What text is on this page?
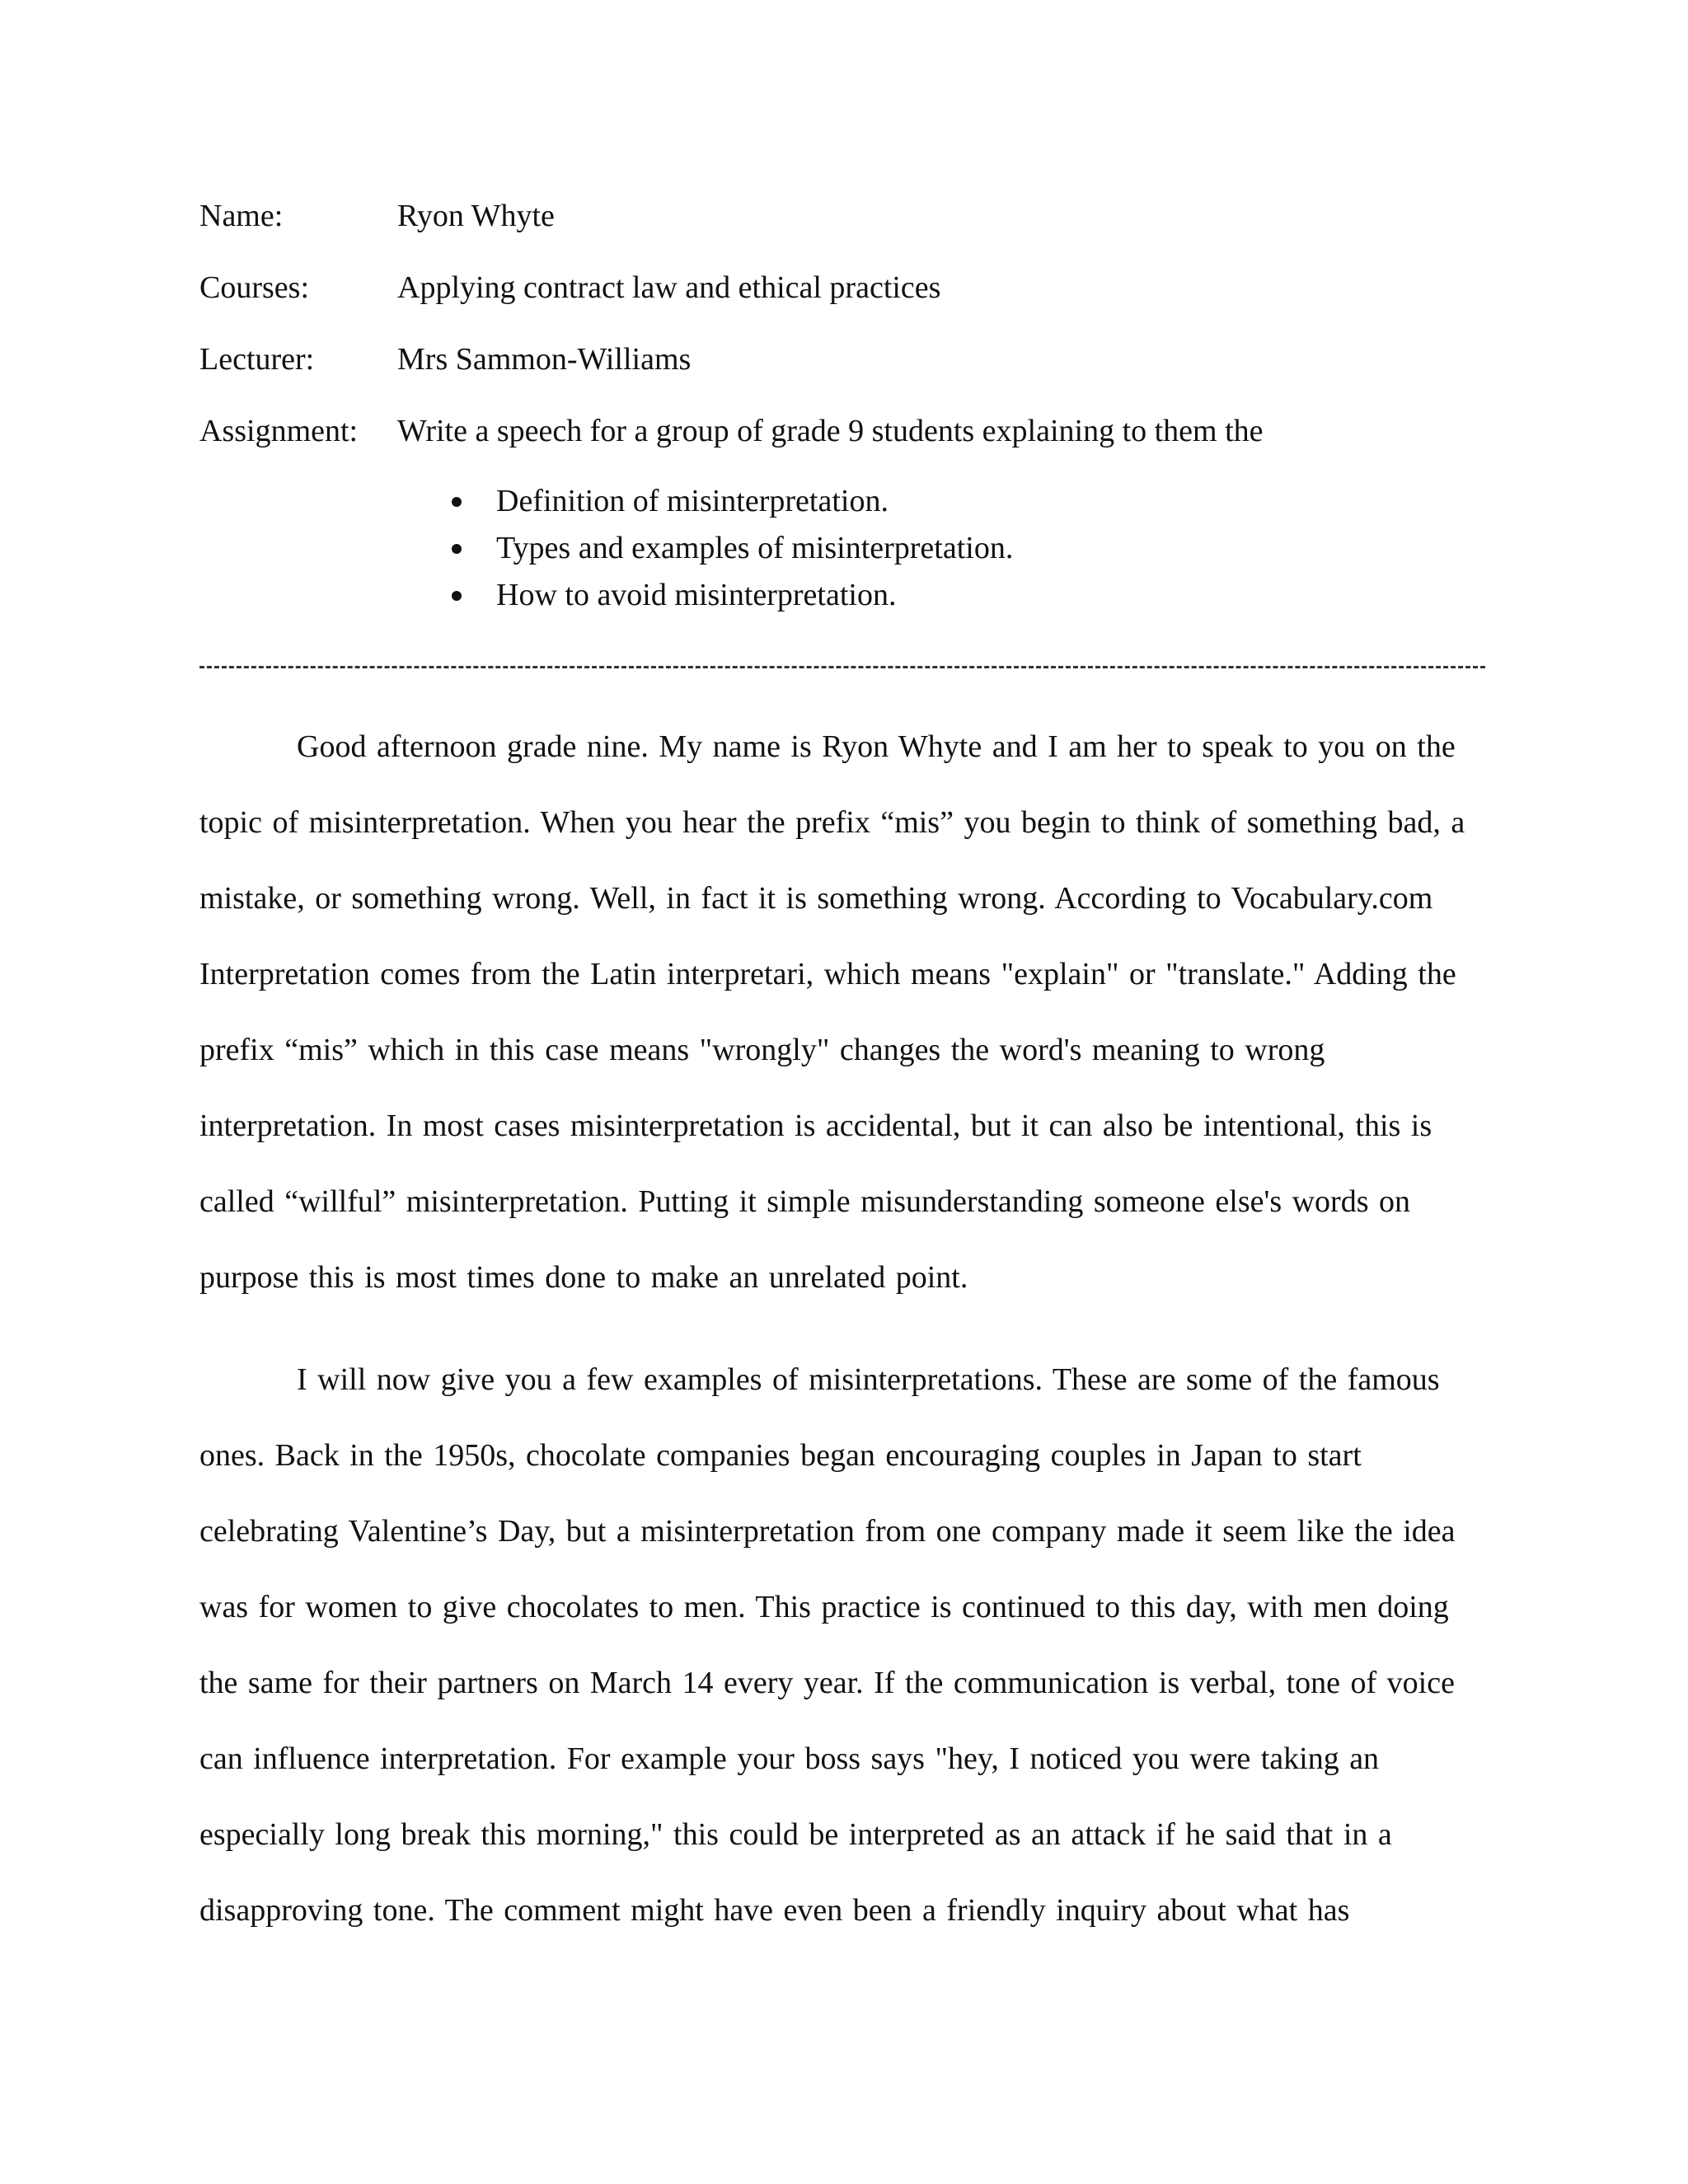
Name:	Ryon Whyte
Courses:	Applying contract law and ethical practices
Lecturer:	Mrs Sammon-Williams
Assignment: Write a speech for a group of grade 9 students explaining to them the
Definition of misinterpretation.
Types and examples of misinterpretation.
How to avoid misinterpretation.

Good afternoon grade nine. My name is Ryon Whyte and I am her to speak to you on the topic of misinterpretation. When you hear the prefix “mis” you begin to think of something bad, a mistake, or something wrong. Well, in fact it is something wrong. According to Vocabulary.com Interpretation comes from the Latin interpretari, which means "explain" or "translate." Adding the prefix “mis” which in this case means "wrongly" changes the word's meaning to wrong interpretation. In most cases misinterpretation is accidental, but it can also be intentional, this is called “willful” misinterpretation. Putting it simple misunderstanding someone else's words on purpose this is most times done to make an unrelated point.

I will now give you a few examples of misinterpretations. These are some of the famous ones. Back in the 1950s, chocolate companies began encouraging couples in Japan to start celebrating Valentine’s Day, but a misinterpretation from one company made it seem like the idea was for women to give chocolates to men. This practice is continued to this day, with men doing the same for their partners on March 14 every year. If the communication is verbal, tone of voice can influence interpretation. For example your boss says "hey, I noticed you were taking an especially long break this morning," this could be interpreted as an attack if he said that in a disapproving tone. The comment might have even been a friendly inquiry about what has
